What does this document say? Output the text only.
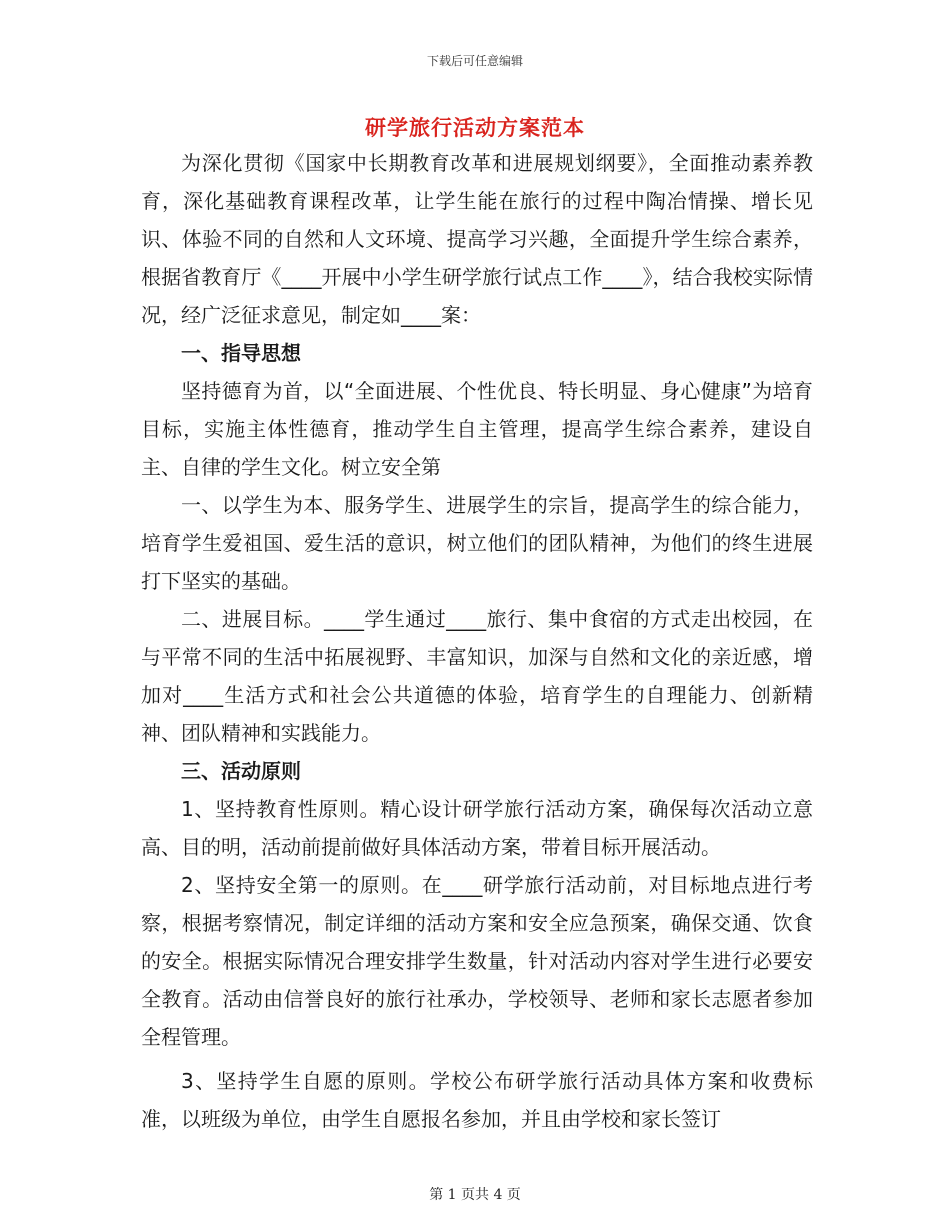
下载后可任意编辑
研学旅行活动方案范本

为深化贯彻《国家中长期教育改革和进展规划纲要》，全面推动素养教育，深化基础教育课程改革，让学生能在旅行的过程中陶冶情操、增长见识、体验不同的自然和人文环境、提高学习兴趣，全面提升学生综合素养，根据省教育厅《____开展中小学生研学旅行试点工作____》，结合我校实际情况，经广泛征求意见，制定如____案：

一、指导思想

坚持德育为首，以“全面进展、个性优良、特长明显、身心健康”为培育目标，实施主体性德育，推动学生自主管理，提高学生综合素养，建设自主、自律的学生文化。树立安全第

一、以学生为本、服务学生、进展学生的宗旨，提高学生的综合能力，培育学生爱祖国、爱生活的意识，树立他们的团队精神，为他们的终生进展打下坚实的基础。

二、进展目标。____学生通过____旅行、集中食宿的方式走出校园，在与平常不同的生活中拓展视野、丰富知识，加深与自然和文化的亲近感，增加对____生活方式和社会公共道德的体验，培育学生的自理能力、创新精神、团队精神和实践能力。

三、活动原则

1、坚持教育性原则。精心设计研学旅行活动方案，确保每次活动立意高、目的明，活动前提前做好具体活动方案，带着目标开展活动。

2、坚持安全第一的原则。在____研学旅行活动前，对目标地点进行考察，根据考察情况，制定详细的活动方案和安全应急预案，确保交通、饮食的安全。根据实际情况合理安排学生数量，针对活动内容对学生进行必要安全教育。活动由信誉良好的旅行社承办，学校领导、老师和家长志愿者参加全程管理。

3、坚持学生自愿的原则。学校公布研学旅行活动具体方案和收费标准，以班级为单位，由学生自愿报名参加，并且由学校和家长签订

第 1 页共 4 页
